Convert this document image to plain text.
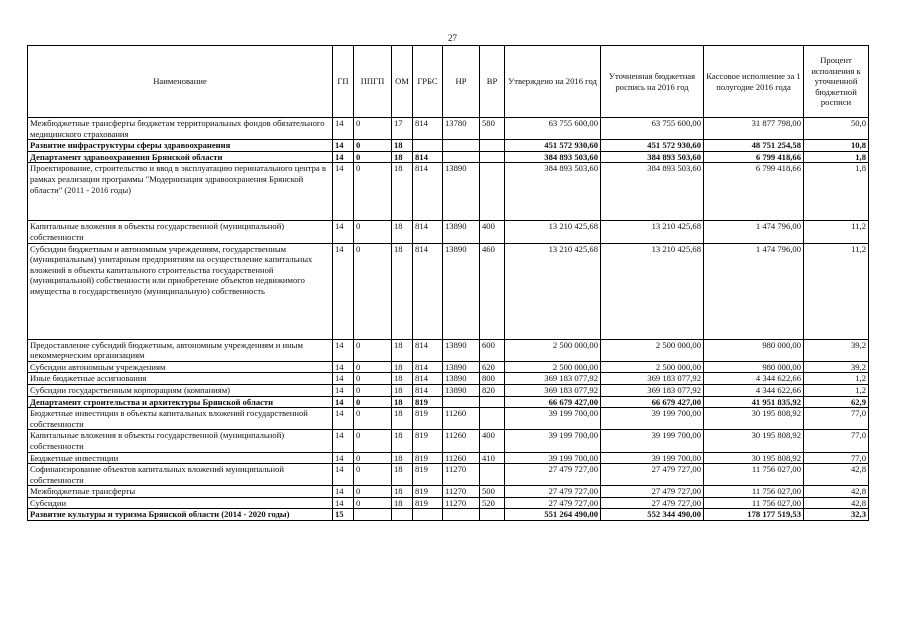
27
Наименование	ГП	ППГП	ОМ	ГРБС	НР	ВР	Утверждено на 2016 год	Уточненная бюджетная роспись на 2016 год	Кассовое исполнение за 1 полугодие 2016 года	Процент исполнения к уточненной бюджетной росписи
Межбюджетные трансферты бюджетам территориальных фондов обязательного медицинского страхования	14	0	17	814	13780	580	63 755 600,00	63 755 600,00	31 877 798,00	50,0
Развитие инфраструктуры сферы здравоохранения	14	0	18				451 572 930,60	451 572 930,60	48 751 254,58	10,8
Департамент здравоохранения Брянской области	14	0	18	814			384 893 503,60	384 893 503,60	6 799 418,66	1,8
Проектирование, строительство и ввод в эксплуатацию перинатального центра в рамках реализации программы "Модернизация здравоохранения Брянской области" (2011 - 2016 годы)	14	0	18	814	13890		384 893 503,60	384 893 503,60	6 799 418,66	1,8
Капитальные вложения в объекты государственной (муниципальной) собственности	14	0	18	814	13890	400	13 210 425,68	13 210 425,68	1 474 796,00	11,2
Субсидии бюджетным и автономным учреждениям, государственным (муниципальным) унитарным предприятиям на осуществление капитальных вложений в объекты капитального строительства государственной (муниципальной) собственности или приобретение объектов недвижимого имущества в государственную (муниципальную) собственность	14	0	18	814	13890	460	13 210 425,68	13 210 425,68	1 474 796,00	11,2
Предоставление субсидий бюджетным, автономным учреждениям и иным некоммерческим организациям	14	0	18	814	13890	600	2 500 000,00	2 500 000,00	980 000,00	39,2
Субсидии автономным учреждениям	14	0	18	814	13890	620	2 500 000,00	2 500 000,00	980 000,00	39,2
Иные бюджетные ассигнования	14	0	18	814	13890	800	369 183 077,92	369 183 077,92	4 344 622,66	1,2
Субсидии государственным корпорациям (компаниям)	14	0	18	814	13890	820	369 183 077,92	369 183 077,92	4 344 622,66	1,2
Департамент строительства и архитектуры Брянской области	14	0	18	819			66 679 427,00	66 679 427,00	41 951 835,92	62,9
Бюджетные инвестиции в объекты капитальных вложений государственной собственности	14	0	18	819	11260		39 199 700,00	39 199 700,00	30 195 808,92	77,0
Капитальные вложения в объекты государственной (муниципальной) собственности	14	0	18	819	11260	400	39 199 700,00	39 199 700,00	30 195 808,92	77,0
Бюджетные инвестиции	14	0	18	819	11260	410	39 199 700,00	39 199 700,00	30 195 808,92	77,0
Софинансирование объектов капитальных вложений муниципальной собственности	14	0	18	819	11270		27 479 727,00	27 479 727,00	11 756 027,00	42,8
Межбюджетные трансферты	14	0	18	819	11270	500	27 479 727,00	27 479 727,00	11 756 027,00	42,8
Субсидии	14	0	18	819	11270	520	27 479 727,00	27 479 727,00	11 756 027,00	42,8
Развитие культуры и туризма Брянской области (2014 - 2020 годы)	15						551 264 490,00	552 344 490,00	178 177 519,53	32,3
